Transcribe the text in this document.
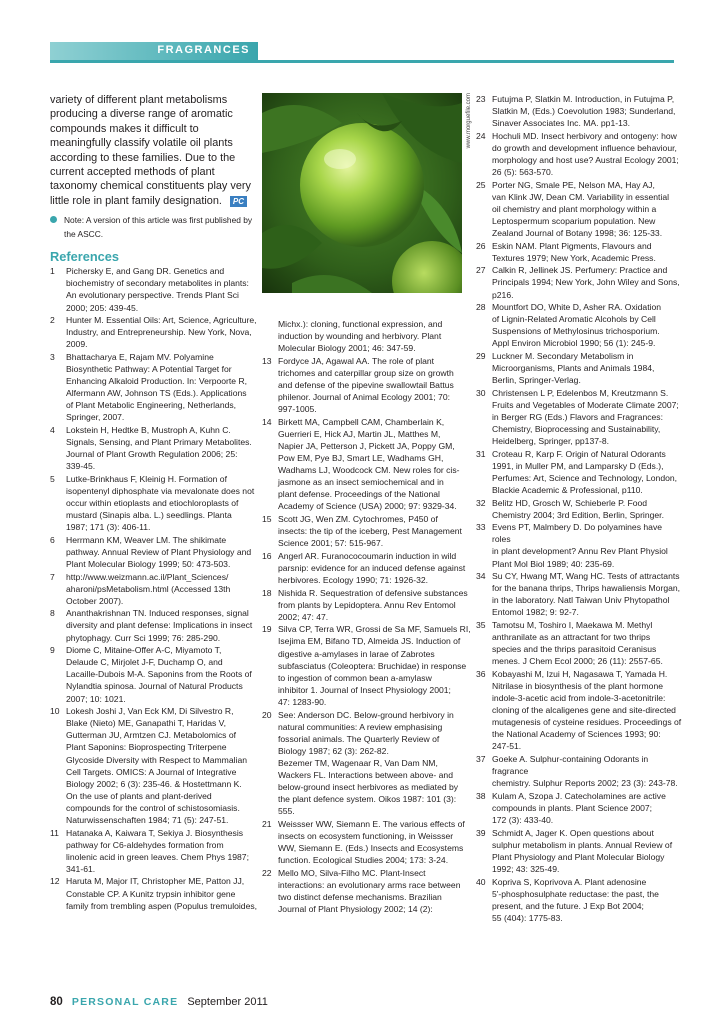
FRAGRANCES

variety of different plant metabolisms producing a diverse range of aromatic compounds makes it difficult to meaningfully classify volatile oil plants according to these families. Due to the current accepted methods of plant taxonomy chemical constituents play very little role in plant family designation. PC

Note: A version of this article was first published by the ASCC.
References
1 Pichersky E, and Gang DR. Genetics and
biochemistry of secondary metabolites in plants:
An evolutionary perspective. Trends Plant Sci
2000; 205: 439-45.
2 Hunter M. Essential Oils: Art, Science, Agriculture,
Industry, and Entrepreneurship. New York, Nova,
2009.
3 Bhattacharya E, Rajam MV. Polyamine
Biosynthetic Pathway: A Potential Target for
Enhancing Alkaloid Production. In: Verpoorte R,
Alfermann AW, Johnson TS (Eds.). Applications
of Plant Metabolic Engineering, Netherlands,
Springer, 2007.
4 Lokstein H, Hedtke B, Mustroph A, Kuhn C.
Signals, Sensing, and Plant Primary Metabolites.
Journal of Plant Growth Regulation 2006; 25:
339-45.
5 Lutke-Brinkhaus F, Kleinig H. Formation of
isopentenyl diphosphate via mevalonate does not
occur within etioplasts and etiochloroplasts of
mustard (Sinapis alba. L.) seedlings. Planta
1987; 171 (3): 406-11.
6 Herrmann KM, Weaver LM. The shikimate
pathway. Annual Review of Plant Physiology and
Plant Molecular Biology 1999; 50: 473-503.
7 http://www.weizmann.ac.il/Plant_Sciences/
aharoni/psMetabolism.html (Accessed 13th
October 2007).
8 Ananthakrishnan TN. Induced responses, signal
diversity and plant defense: Implications in insect
phytophagy. Curr Sci 1999; 76: 285-290.
9 Diome C, Mitaine-Offer A-C, Miyamoto T,
Delaude C, Mirjolet J-F, Duchamp O, and
Lacaille-Dubois M-A. Saponins from the Roots of
Nylandtia spinosa. Journal of Natural Products
2007; 10: 1021.
10 Lokesh Joshi J, Van Eck KM, Di Silvestro R,
Blake (Nieto) ME, Ganapathi T, Haridas V,
Gutterman JU, Armtzen CJ. Metabolomics of
Plant Saponins: Bioprospecting Triterpene
Glycoside Diversity with Respect to Mammalian
Cell Targets. OMICS: A Journal of Integrative
Biology 2002; 6 (3): 235-46. & Hostettmann K.
On the use of plants and plant-derived
compounds for the control of schistosomiasis.
Naturwissenschaften 1984; 71 (5): 247-51.
11 Hatanaka A, Kaiwara T, Sekiya J. Biosynthesis
pathway for C6-aldehydes formation from
linolenic acid in green leaves. Chem Phys 1987;
341-61.
12 Haruta M, Major IT, Christopher ME, Patton JJ,
Constable CP. A Kunitz trypsin inhibitor gene
family from trembling aspen (Populus tremuloides,
www.morguefile.com
Michx.): cloning, functional expression, and
induction by wounding and herbivory. Plant
Molecular Biology 2001; 46: 347-59.
13 Fordyce JA, Agawal AA. The role of plant
trichomes and caterpillar group size on growth
and defense of the pipevine swallowtail Battus
philenor. Journal of Animal Ecology 2001; 70:
997-1005.
14 Birkett MA, Campbell CAM, Chamberlain K,
Guerrieri E, Hick AJ, Martin JL, Matthes M,
Napier JA, Petterson J, Pickett JA, Poppy GM,
Pow EM, Pye BJ, Smart LE, Wadhams GH,
Wadhams LJ, Woodcock CM. New roles for cis-
jasmone as an insect semiochemical and in
plant defense. Proceedings of the National
Academy of Science (USA) 2000; 97: 9329-34.
15 Scott JG, Wen ZM. Cytochromes, P450 of
insects: the tip of the iceberg, Pest Management
Science 2001; 57: 515-967.
16 Angerl AR. Furanococoumarin induction in wild
parsnip: evidence for an induced defense against
herbivores. Ecology 1990; 71: 1926-32.
18 Nishida R. Sequestration of defensive substances
from plants by Lepidoptera. Annu Rev Entomol
2002; 47: 47.
19 Silva CP, Terra WR, Grossi de Sa MF, Samuels RI,
Isejima EM, Bifano TD, Almeida JS. Induction of
digestive a-amylases in larae of Zabrotes
subfasciatus (Coleoptera: Bruchidae) in response
to ingestion of common bean a-amylasw
inhibitor 1. Journal of Insect Physiology 2001;
47: 1283-90.
20 See: Anderson DC. Below-ground herbivory in
natural communities: A review emphasising
fossorial animals. The Quarterly Review of
Biology 1987; 62 (3): 262-82.
Bezemer TM, Wagenaar R, Van Dam NM,
Wackers FL. Interactions between above- and
below-ground insect herbivores as mediated by
the plant defence system. Oikos 1987: 101 (3):
555.
21 Weissser WW, Siemann E. The various effects of
insects on ecosystem functioning, in Weissser
WW, Siemann E. (Eds.) Insects and Ecosystems
function. Ecological Studies 2004; 173: 3-24.
22 Mello MO, Silva-Filho MC. Plant-Insect
interactions: an evolutionary arms race between
two distinct defense mechanisms. Brazilian
Journal of Plant Physiology 2002; 14 (2):
23 Futujma P, Slatkin M. Introduction, in Futujma P,
Slatkin M, (Eds.) Coevolution 1983; Sunderland,
Sinaver Associates Inc. MA. pp1-13.
24 Hochuli MD. Insect herbivory and ontogeny: how
do growth and development influence behaviour,
morphology and host use? Austral Ecology 2001;
26 (5): 563-570.
25 Porter NG, Smale PE, Nelson MA, Hay AJ,
van Klink JW, Dean CM. Variability in essential
oil chemistry and plant morphology within a
Leptospermum scoparium population. New
Zealand Journal of Botany 1998; 36: 125-33.
26 Eskin NAM. Plant Pigments, Flavours and
Textures 1979; New York, Academic Press.
27 Calkin R, Jellinek JS. Perfumery: Practice and
Principals 1994; New York, John Wiley and Sons,
p216.
28 Mountfort DO, White D, Asher RA. Oxidation
of Lignin-Related Aromatic Alcohols by Cell
Suspensions of Methylosinus trichosporium.
Appl Environ Microbiol 1990; 56 (1): 245-9.
29 Luckner M. Secondary Metabolism in
Microorganisms, Plants and Animals 1984,
Berlin, Springer-Verlag.
30 Christensen L P, Edelenbos M, Kreutzmann S.
Fruits and Vegetables of Moderate Climate 2007;
in Berger RG (Eds.) Flavors and Fragrances:
Chemistry, Bioprocessing and Sustainability,
Heidelberg, Springer, pp137-8.
31 Croteau R, Karp F. Origin of Natural Odorants
1991, in Muller PM, and Lamparsky D (Eds.),
Perfumes: Art, Science and Technology, London,
Blackie Academic & Professional, p110.
32 Belitz HD, Grosch W, Schieberle P. Food
Chemistry 2004; 3rd Edition, Berlin, Springer.
33 Evens PT, Malmbery D. Do polyamines have roles
in plant development? Annu Rev Plant Physiol
Plant Mol Biol 1989; 40: 235-69.
34 Su CY, Hwang MT, Wang HC. Tests of attractants
for the banana thrips, Thrips hawaliensis Morgan,
in the laboratory. Natl Taiwan Univ Phytopathol
Entomol 1982; 9: 92-7.
35 Tamotsu M, Toshiro I, Maekawa M. Methyl
anthranilate as an attractant for two thrips
species and the thrips parasitoid Ceranisus
menes. J Chem Ecol 2000; 26 (11): 2557-65.
36 Kobayashi M, Izui H, Nagasawa T, Yamada H.
Nitrilase in biosynthesis of the plant hormone
indole-3-acetic acid from indole-3-acetonitrile:
cloning of the alcaligenes gene and site-directed
mutagenesis of cysteine residues. Proceedings of
the National Academy of Sciences 1993; 90:
247-51.
37 Goeke A. Sulphur-containing Odorants in fragrance
chemistry. Sulphur Reports 2002; 23 (3): 243-78.
38 Kulam A, Szopa J. Catecholamines are active
compounds in plants. Plant Science 2007;
172 (3): 433-40.
39 Schmidt A, Jager K. Open questions about
sulphur metabolism in plants. Annual Review of
Plant Physiology and Plant Molecular Biology
1992; 43: 325-49.
40 Kopriva S, Koprivova A. Plant adenosine
5'-phosphosulphate reductase: the past, the
present, and the future. J Exp Bot 2004;
55 (404): 1775-83.
80 PERSONAL CARE September 2011
